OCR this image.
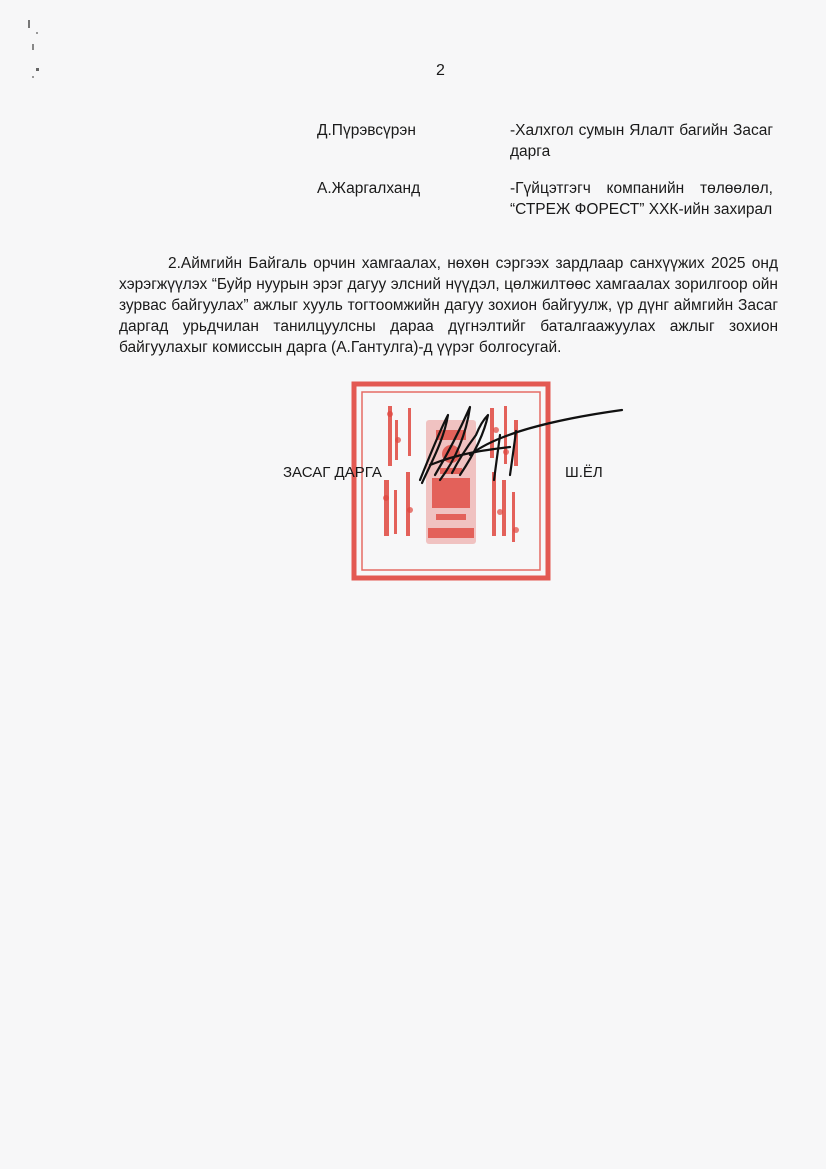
2
Д.Пүрэвсүрэн	-Халхгол сумын Ялалт багийн Засаг дарга
А.Жаргалханд	-Гүйцэтгэгч компанийн төлөөлөл, “СТРЕЖ ФОРЕСТ” ХХК-ийн захирал

2.Аймгийн Байгаль орчин хамгаалах, нөхөн сэргээх зардлаар санхүүжих 2025 онд хэрэгжүүлэх “Буйр нуурын эрэг дагуу элсний нүүдэл, цөлжилтөөс хамгаалах зорилгоор ойн зурвас байгуулах” ажлыг хууль тогтоомжийн дагуу зохион байгуулж, үр дүнг аймгийн Засаг даргад урьдчилан танилцуулсны дараа дүгнэлтийг баталгаажуулах ажлыг зохион байгуулахыг комиссын дарга (А.Гантулга)-д үүрэг болгосугай.

ЗАСАГ ДАРГА	Ш.ЁЛ
